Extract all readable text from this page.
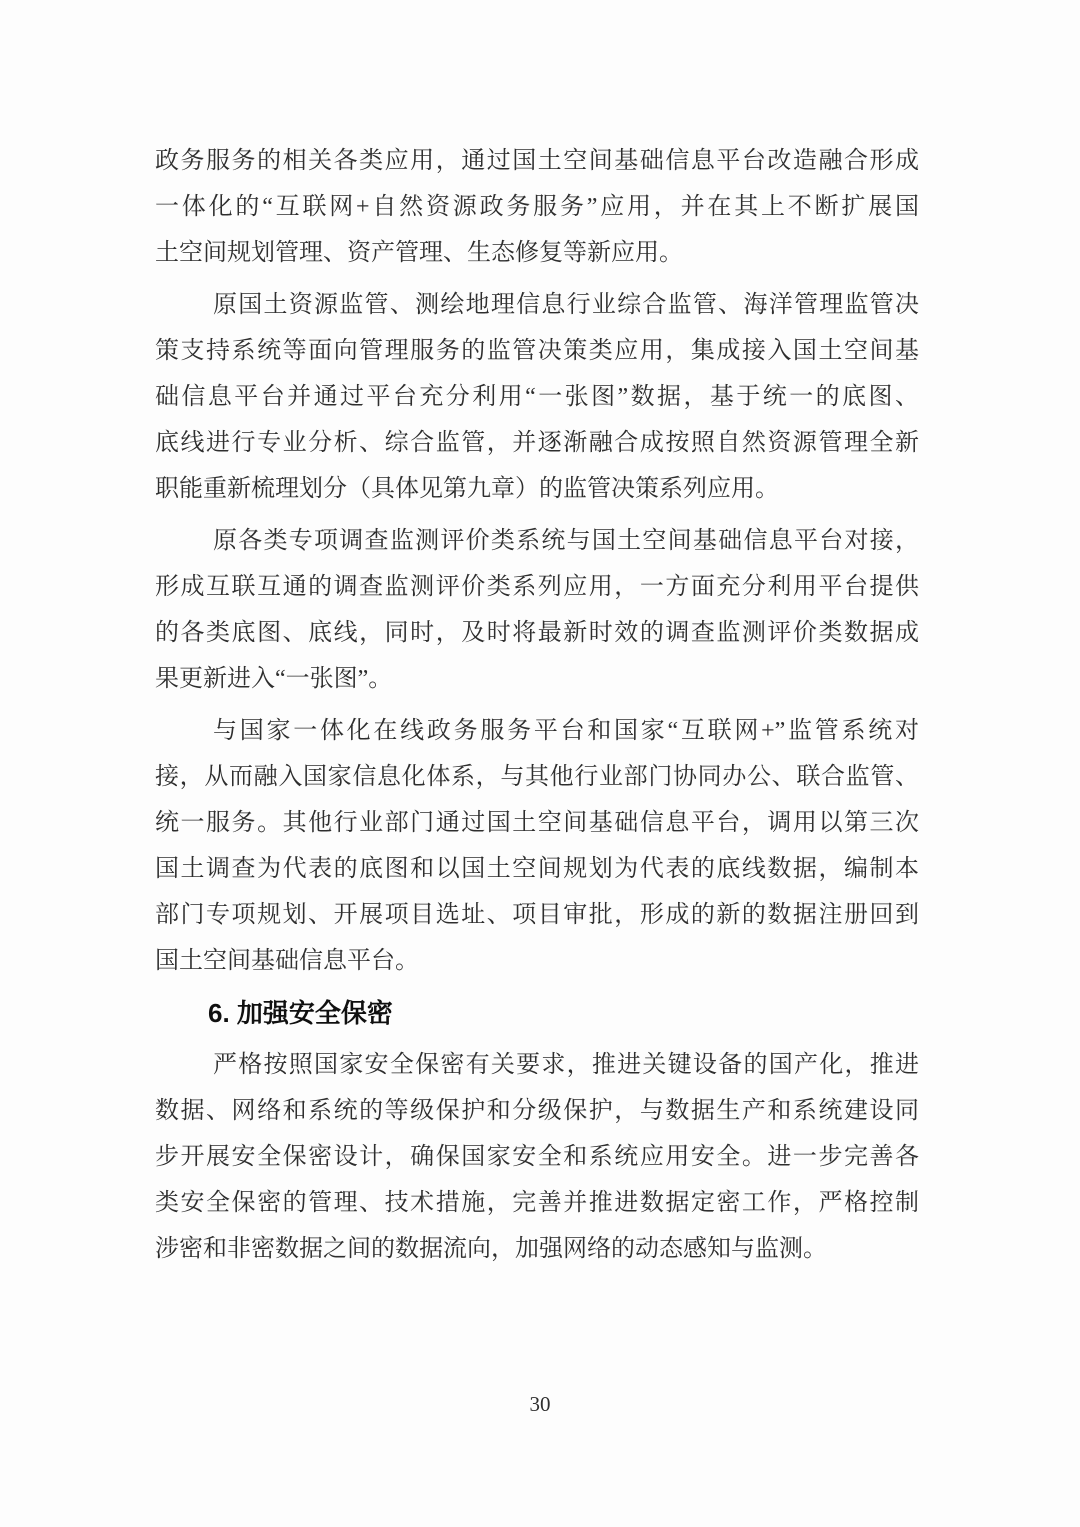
政务服务的相关各类应用，通过国土空间基础信息平台改造融合形成
一体化的“互联网+自然资源政务服务”应用，并在其上不断扩展国
土空间规划管理、资产管理、生态修复等新应用。
原国土资源监管、测绘地理信息行业综合监管、海洋管理监管决
策支持系统等面向管理服务的监管决策类应用，集成接入国土空间基
础信息平台并通过平台充分利用“一张图”数据，基于统一的底图、
底线进行专业分析、综合监管，并逐渐融合成按照自然资源管理全新
职能重新梳理划分（具体见第九章）的监管决策系列应用。
原各类专项调查监测评价类系统与国土空间基础信息平台对接，
形成互联互通的调查监测评价类系列应用，一方面充分利用平台提供
的各类底图、底线，同时，及时将最新时效的调查监测评价类数据成
果更新进入“一张图”。
与国家一体化在线政务服务平台和国家“互联网+”监管系统对
接，从而融入国家信息化体系，与其他行业部门协同办公、联合监管、
统一服务。其他行业部门通过国土空间基础信息平台，调用以第三次
国土调查为代表的底图和以国土空间规划为代表的底线数据，编制本
部门专项规划、开展项目选址、项目审批，形成的新的数据注册回到
国土空间基础信息平台。
6. 加强安全保密
严格按照国家安全保密有关要求，推进关键设备的国产化，推进
数据、网络和系统的等级保护和分级保护，与数据生产和系统建设同
步开展安全保密设计，确保国家安全和系统应用安全。进一步完善各
类安全保密的管理、技术措施，完善并推进数据定密工作，严格控制
涉密和非密数据之间的数据流向，加强网络的动态感知与监测。
30
